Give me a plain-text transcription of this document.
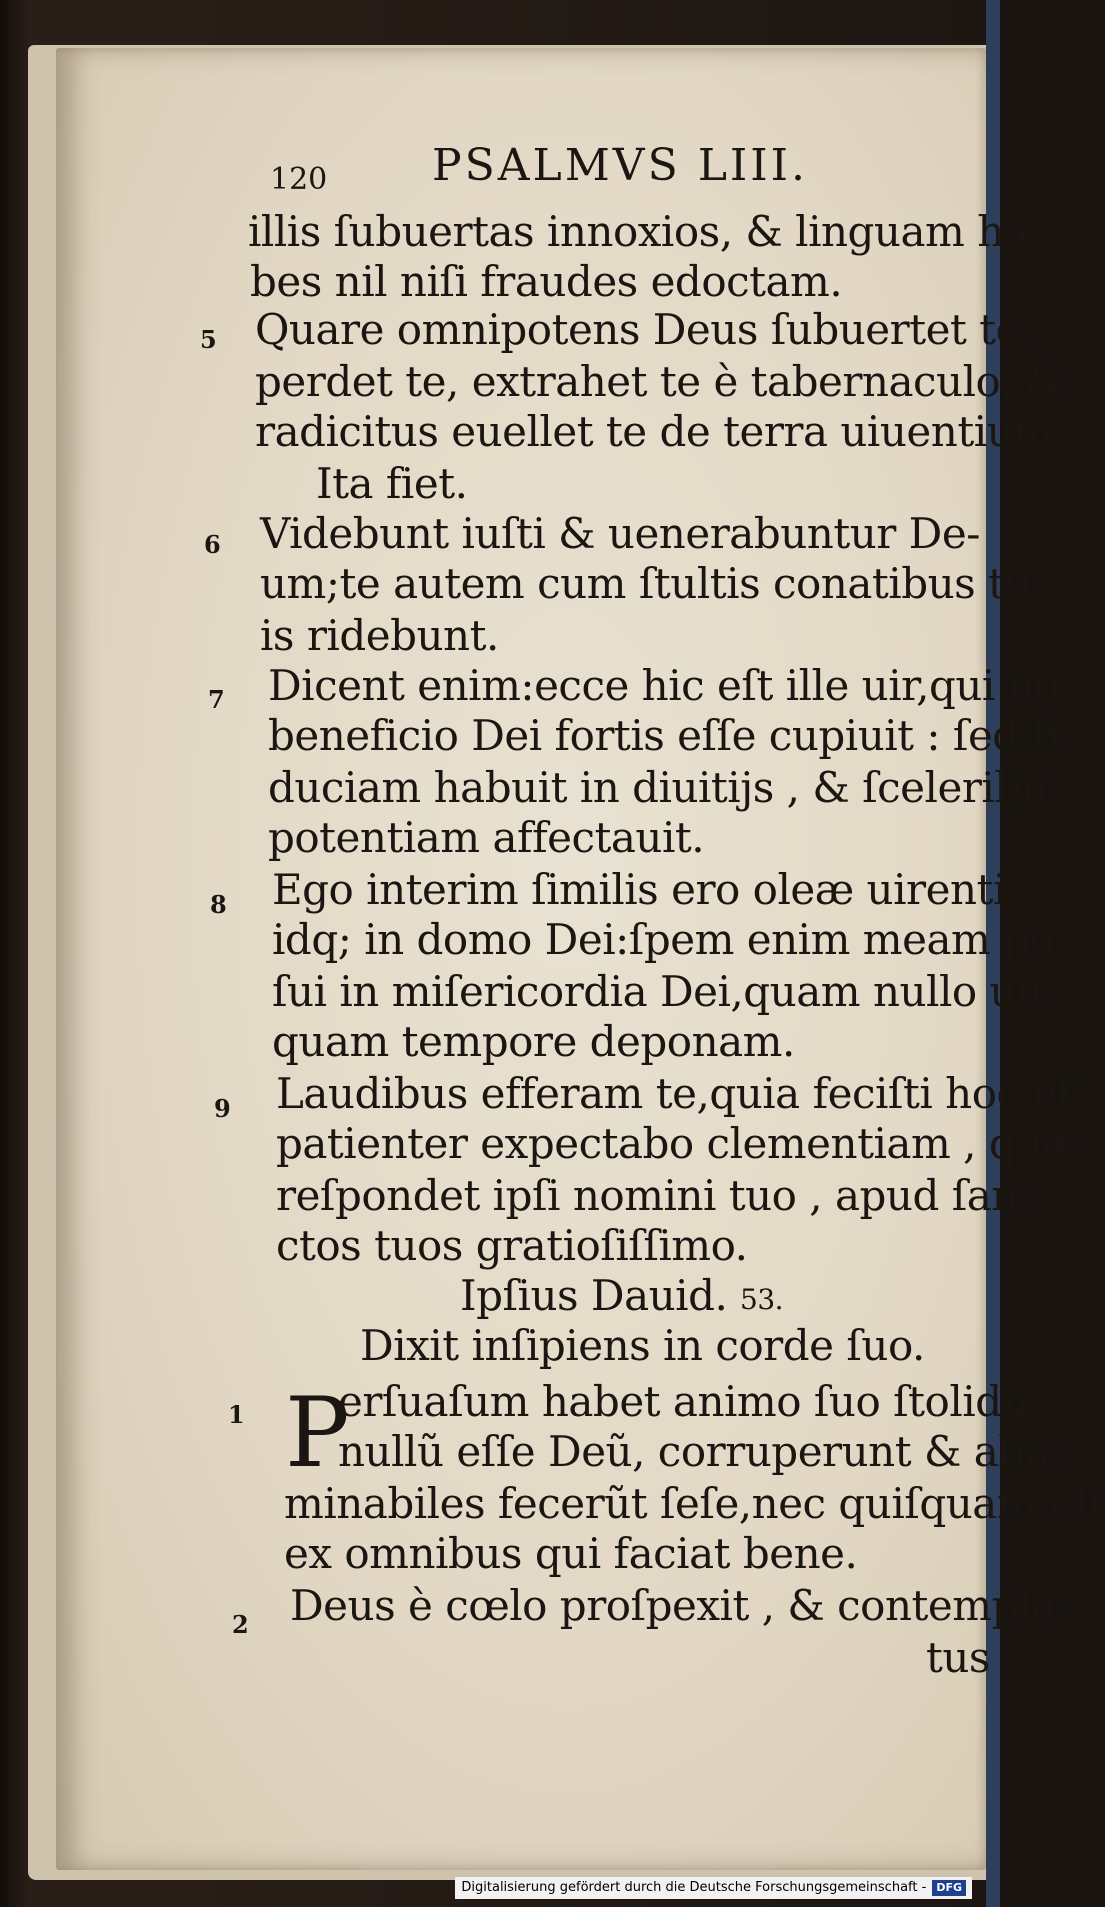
120 PSALMVS LIII.
illis ſubuertas innoxios, & linguam ha
bes nil niſi fraudes edoctam.
5 Quare omnipotens Deus ſubuertet te,
perdet te, extrahet te è tabernaculo, &
radicitus euellet te de terra uiuentium.
Ita fiet.
6 Videbunt iuſti & uenerabuntur De-
um;te autem cum ſtultis conatibus tu-
is ridebunt.
7 Dicent enim:ecce hic eſt ille uir,qui nõ
beneficio Dei fortis eſſe cupiuit : ſed fi-
duciam habuit in diuitijs , & ſceleribus
potentiam affectauit.
8 Ego interim ſimilis ero oleæ uirenti,
idq; in domo Dei:ſpem enim meam po
ſui in miſericordia Dei,quam nullo un-
quam tempore deponam.
9 Laudibus efferam te,quia feciſti hoc:et
patienter expectabo clementiam , quæ
reſpondet ipſi nomini tuo , apud ſan-
ctos tuos gratioſiſſimo.
Ipſius Dauid. 53.
Dixit inſipiens in corde ſuo.
1 P
erſuaſum habet animo ſuo ſtolidus,
nullũ eſſe Deũ, corruperunt & abo-
minabiles fecerũt ſeſe,nec quiſquam eſt
ex omnibus qui faciat bene.
2 Deus è cœlo proſpexit , & contempla-
tus
Digitalisierung gefördert durch die Deutsche Forschungsgemeinschaft - DFG
